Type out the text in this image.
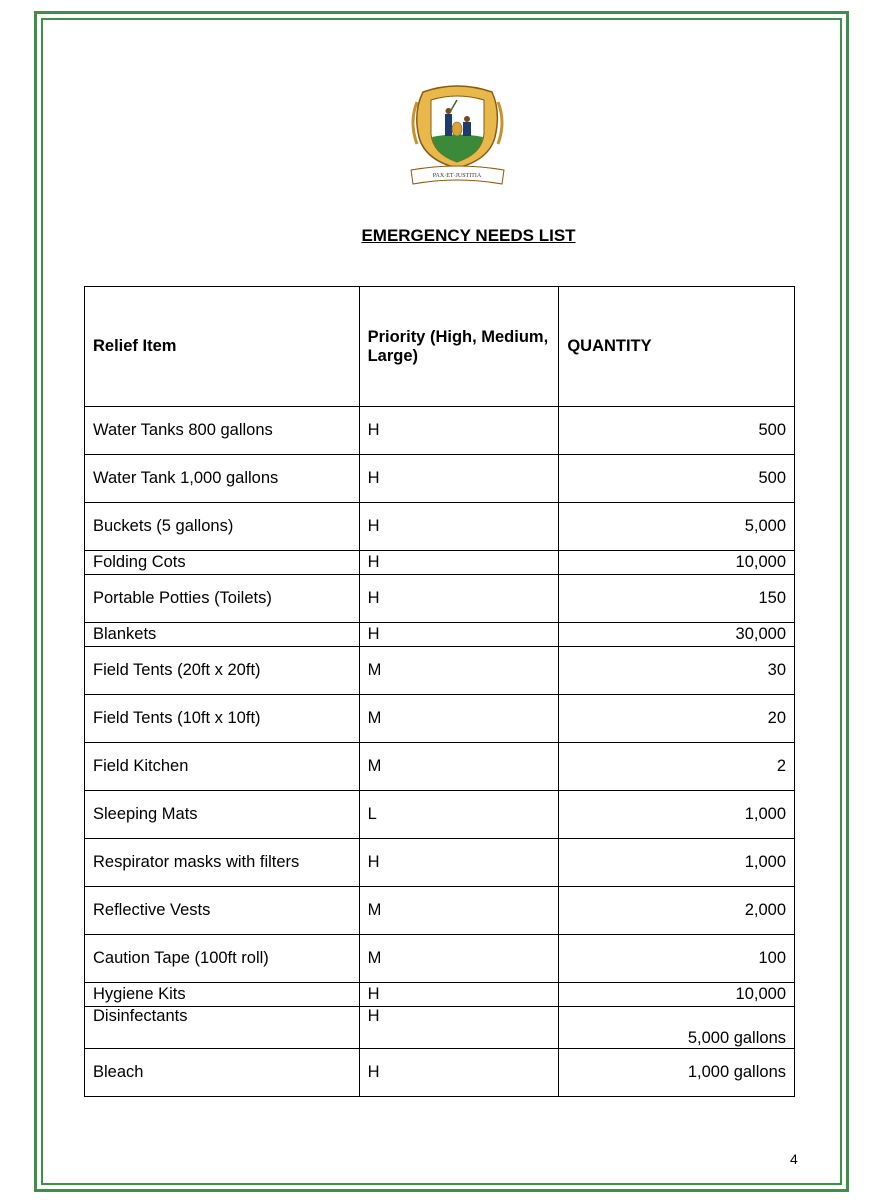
PAX·ET·JUSTITIA
EMERGENCY NEEDS LIST
Relief Item	Priority (High, Medium, Large)	QUANTITY
Water Tanks 800 gallons	H	500
Water Tank 1,000 gallons	H	500
Buckets (5 gallons)	H	5,000
Folding Cots	H	10,000
Portable Potties (Toilets)	H	150
Blankets	H	30,000
Field Tents (20ft x 20ft)	M	30
Field Tents (10ft x 10ft)	M	20
Field Kitchen	M	2
Sleeping Mats	L	1,000
Respirator masks with filters	H	1,000
Reflective Vests	M	2,000
Caution Tape (100ft roll)	M	100
Hygiene Kits	H	10,000
Disinfectants	H	5,000 gallons
Bleach	H	1,000 gallons
4
